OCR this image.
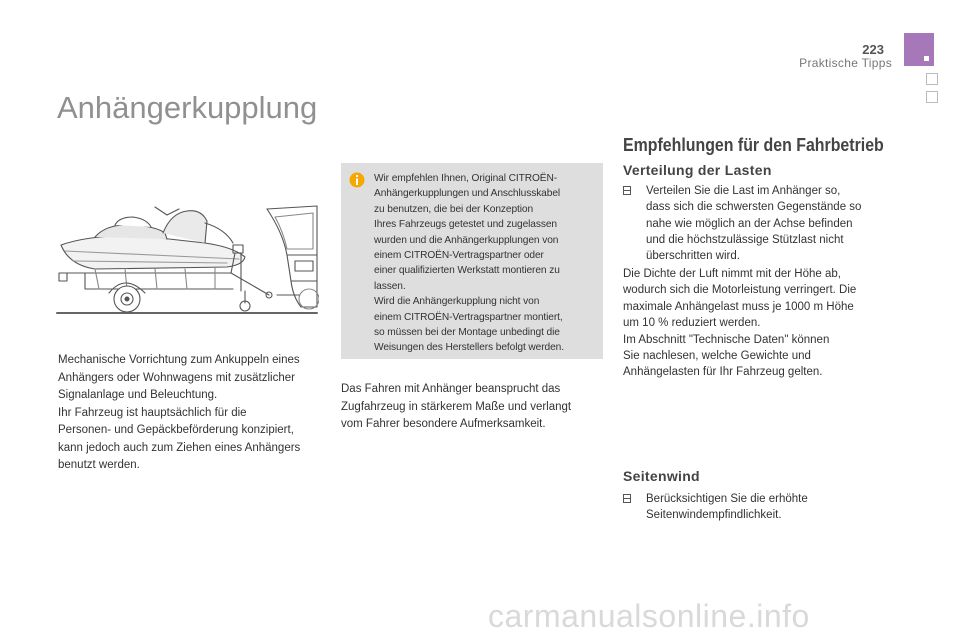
223
Praktische Tipps
Anhängerkupplung
Mechanische Vorrichtung zum Ankuppeln eines
Anhängers oder Wohnwagens mit zusätzlicher
Signalanlage und Beleuchtung.
Ihr Fahrzeug ist hauptsächlich für die
Personen- und Gepäckbeförderung konzipiert,
kann jedoch auch zum Ziehen eines Anhängers
benutzt werden.
Wir empfehlen Ihnen, Original CITROËN-
Anhängerkupplungen und Anschlusskabel
zu benutzen, die bei der Konzeption
Ihres Fahrzeugs getestet und zugelassen
wurden und die Anhängerkupplungen von
einem CITROËN-Vertragspartner oder
einer qualifizierten Werkstatt montieren zu
lassen.
Wird die Anhängerkupplung nicht von
einem CITROËN-Vertragspartner montiert,
so müssen bei der Montage unbedingt die
Weisungen des Herstellers befolgt werden.
Das Fahren mit Anhänger beansprucht das
Zugfahrzeug in stärkerem Maße und verlangt
vom Fahrer besondere Aufmerksamkeit.
Empfehlungen für den Fahrbetrieb
Verteilung der Lasten
Verteilen Sie die Last im Anhänger so,
dass sich die schwersten Gegenstände so
nahe wie möglich an der Achse befinden
und die höchstzulässige Stützlast nicht
überschritten wird.
Die Dichte der Luft nimmt mit der Höhe ab,
wodurch sich die Motorleistung verringert. Die
maximale Anhängelast muss je 1000 m Höhe
um 10 % reduziert werden.
Im Abschnitt "Technische Daten" können
Sie nachlesen, welche Gewichte und
Anhängelasten für Ihr Fahrzeug gelten.
Seitenwind
Berücksichtigen Sie die erhöhte
Seitenwindempfindlichkeit.
carmanualsonline.info
